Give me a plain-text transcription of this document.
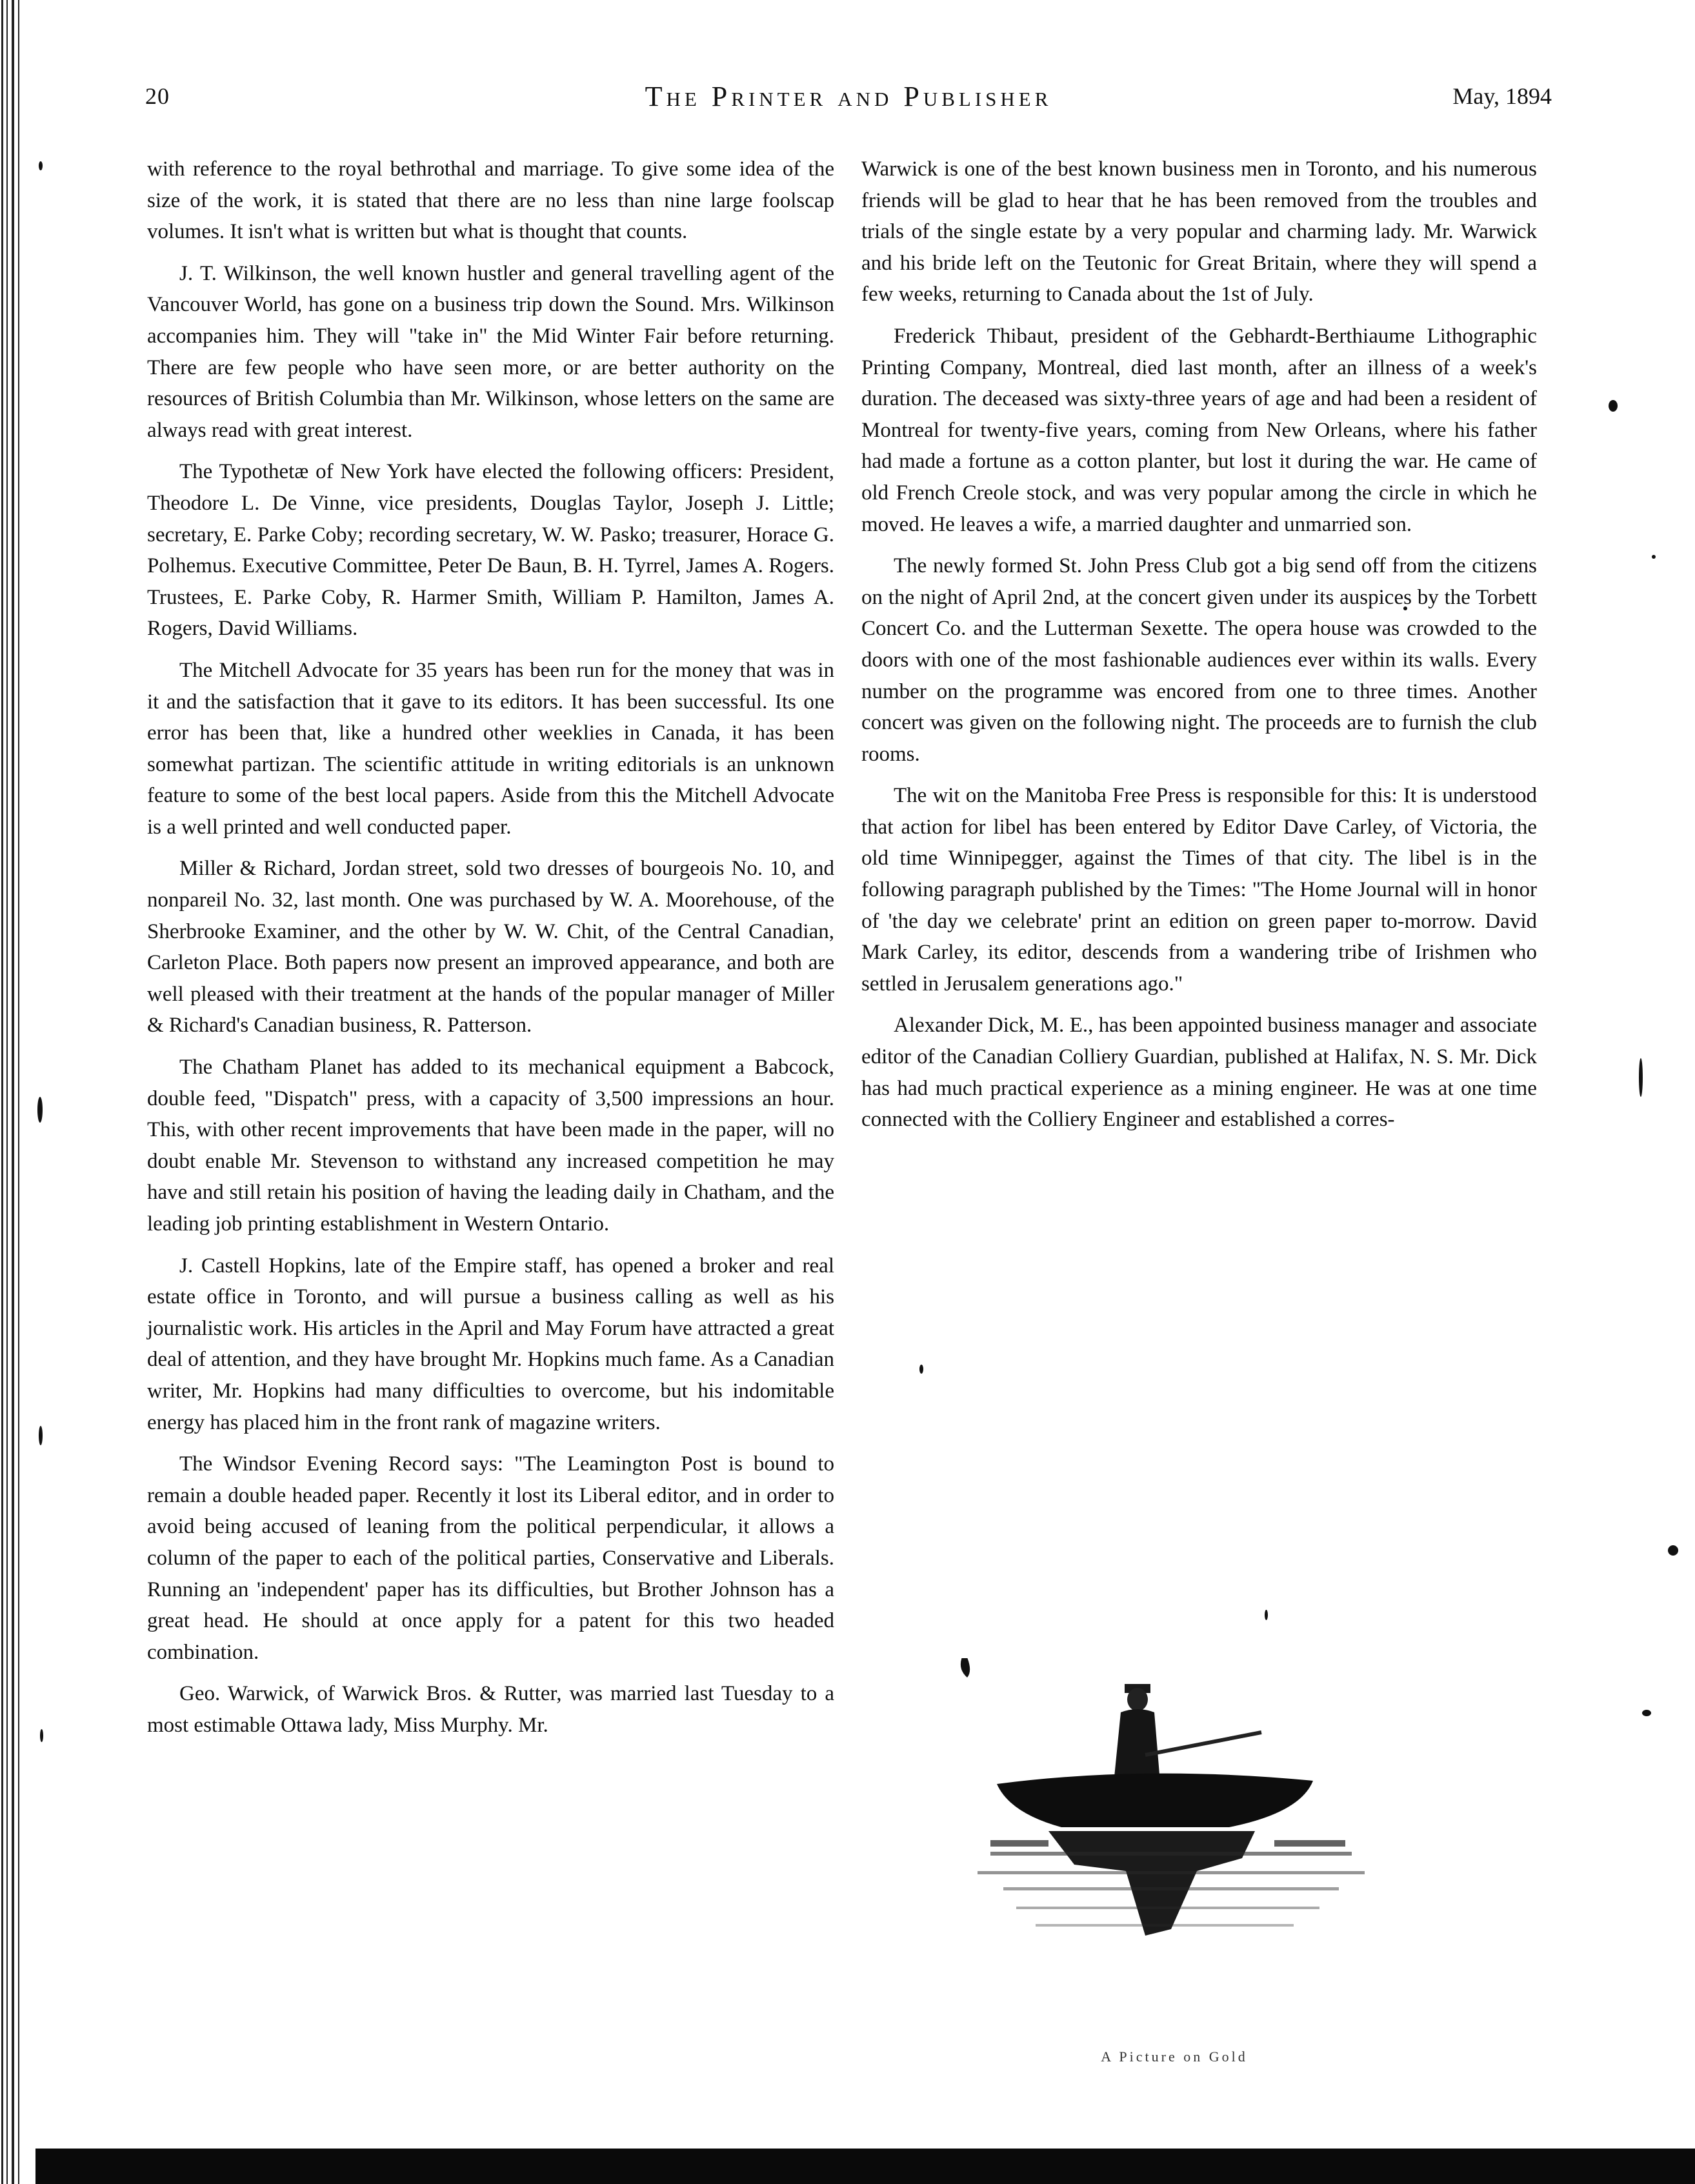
20	The Printer and Publisher	May, 1894

with reference to the royal bethrothal and marriage. To give some idea of the size of the work, it is stated that there are no less than nine large foolscap volumes. It isn't what is written but what is thought that counts.

J. T. Wilkinson, the well known hustler and general travelling agent of the Vancouver World, has gone on a business trip down the Sound. Mrs. Wilkinson accompanies him. They will "take in" the Mid Winter Fair before returning. There are few people who have seen more, or are better authority on the resources of British Columbia than Mr. Wilkinson, whose letters on the same are always read with great interest.

The Typothetæ of New York have elected the following officers: President, Theodore L. De Vinne, vice presidents, Douglas Taylor, Joseph J. Little; secretary, E. Parke Coby; recording secretary, W. W. Pasko; treasurer, Horace G. Polhemus. Executive Committee, Peter De Baun, B. H. Tyrrel, James A. Rogers. Trustees, E. Parke Coby, R. Harmer Smith, William P. Hamilton, James A. Rogers, David Williams.

The Mitchell Advocate for 35 years has been run for the money that was in it and the satisfaction that it gave to its editors. It has been successful. Its one error has been that, like a hundred other weeklies in Canada, it has been somewhat partizan. The scientific attitude in writing editorials is an unknown feature to some of the best local papers. Aside from this the Mitchell Advocate is a well printed and well conducted paper.

Miller & Richard, Jordan street, sold two dresses of bourgeois No. 10, and nonpareil No. 32, last month. One was purchased by W. A. Moorehouse, of the Sherbrooke Examiner, and the other by W. W. Chit, of the Central Canadian, Carleton Place. Both papers now present an improved appearance, and both are well pleased with their treatment at the hands of the popular manager of Miller & Richard's Canadian business, R. Patterson.

The Chatham Planet has added to its mechanical equipment a Babcock, double feed, "Dispatch" press, with a capacity of 3,500 impressions an hour. This, with other recent improvements that have been made in the paper, will no doubt enable Mr. Stevenson to withstand any increased competition he may have and still retain his position of having the leading daily in Chatham, and the leading job printing establishment in Western Ontario.

J. Castell Hopkins, late of the Empire staff, has opened a broker and real estate office in Toronto, and will pursue a business calling as well as his journalistic work. His articles in the April and May Forum have attracted a great deal of attention, and they have brought Mr. Hopkins much fame. As a Canadian writer, Mr. Hopkins had many difficulties to overcome, but his indomitable energy has placed him in the front rank of magazine writers.

The Windsor Evening Record says: "The Leamington Post is bound to remain a double headed paper. Recently it lost its Liberal editor, and in order to avoid being accused of leaning from the political perpendicular, it allows a column of the paper to each of the political parties, Conservative and Liberals. Running an 'independent' paper has its difficulties, but Brother Johnson has a great head. He should at once apply for a patent for this two headed combination.

Geo. Warwick, of Warwick Bros. & Rutter, was married last Tuesday to a most estimable Ottawa lady, Miss Murphy. Mr.

Warwick is one of the best known business men in Toronto, and his numerous friends will be glad to hear that he has been removed from the troubles and trials of the single estate by a very popular and charming lady. Mr. Warwick and his bride left on the Teutonic for Great Britain, where they will spend a few weeks, returning to Canada about the 1st of July.

Frederick Thibaut, president of the Gebhardt-Berthiaume Lithographic Printing Company, Montreal, died last month, after an illness of a week's duration. The deceased was sixty-three years of age and had been a resident of Montreal for twenty-five years, coming from New Orleans, where his father had made a fortune as a cotton planter, but lost it during the war. He came of old French Creole stock, and was very popular among the circle in which he moved. He leaves a wife, a married daughter and unmarried son.

The newly formed St. John Press Club got a big send off from the citizens on the night of April 2nd, at the concert given under its auspices by the Torbett Concert Co. and the Lutterman Sexette. The opera house was crowded to the doors with one of the most fashionable audiences ever within its walls. Every number on the programme was encored from one to three times. Another concert was given on the following night. The proceeds are to furnish the club rooms.

The wit on the Manitoba Free Press is responsible for this: It is understood that action for libel has been entered by Editor Dave Carley, of Victoria, the old time Winnipegger, against the Times of that city. The libel is in the following paragraph published by the Times: "The Home Journal will in honor of 'the day we celebrate' print an edition on green paper to-morrow. David Mark Carley, its editor, descends from a wandering tribe of Irishmen who settled in Jerusalem generations ago."

Alexander Dick, M. E., has been appointed business manager and associate editor of the Canadian Colliery Guardian, published at Halifax, N. S. Mr. Dick has had much practical experience as a mining engineer. He was at one time connected with the Colliery Engineer and established a corres-

A Picture on Gold
